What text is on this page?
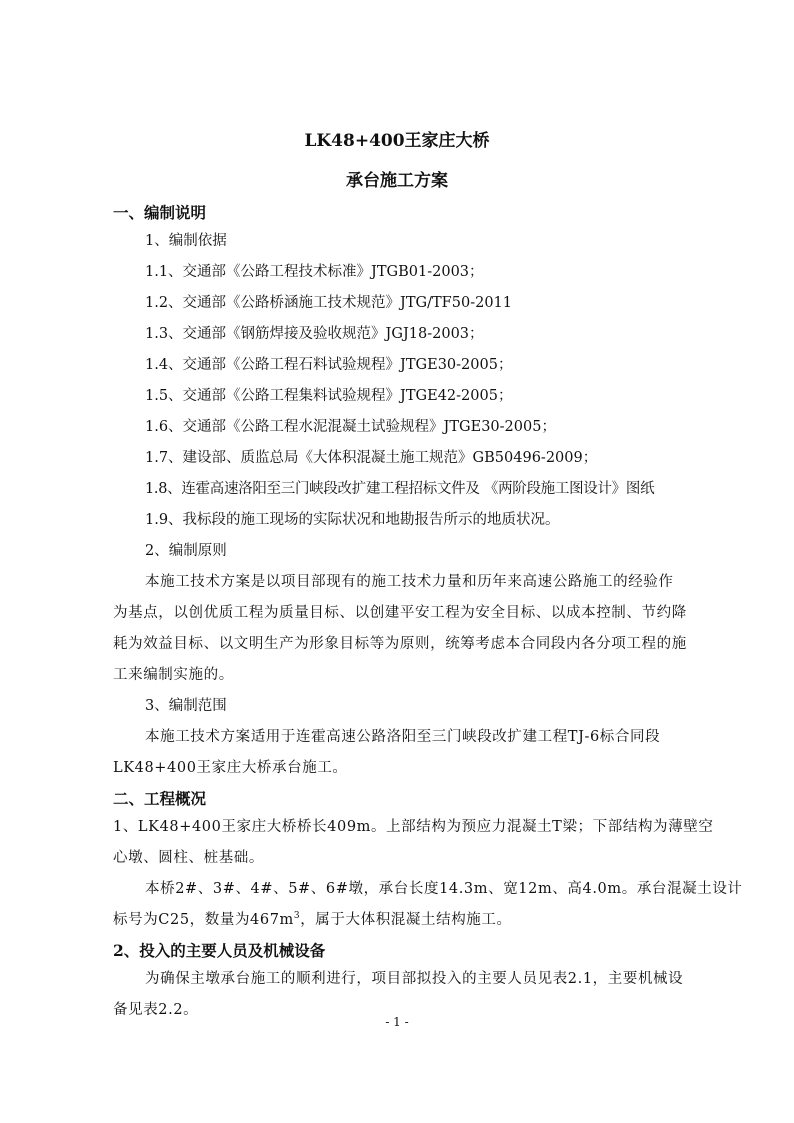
LK48+400王家庄大桥
承台施工方案
一、编制说明
1、编制依据
1.1、交通部《公路工程技术标准》JTGB01-2003；
1.2、交通部《公路桥涵施工技术规范》JTG/TF50-2011
1.3、交通部《钢筋焊接及验收规范》JGJ18-2003；
1.4、交通部《公路工程石料试验规程》JTGE30-2005；
1.5、交通部《公路工程集料试验规程》JTGE42-2005；
1.6、交通部《公路工程水泥混凝土试验规程》JTGE30-2005；
1.7、建设部、质监总局《大体积混凝土施工规范》GB50496-2009；
1.8、连霍高速洛阳至三门峡段改扩建工程招标文件及 《两阶段施工图设计》图纸
1.9、我标段的施工现场的实际状况和地勘报告所示的地质状况。
2、编制原则
本施工技术方案是以项目部现有的施工技术力量和历年来高速公路施工的经验作
为基点，以创优质工程为质量目标、以创建平安工程为安全目标、以成本控制、节约降
耗为效益目标、以文明生产为形象目标等为原则，统筹考虑本合同段内各分项工程的施
工来编制实施的。
3、编制范围
本施工技术方案适用于连霍高速公路洛阳至三门峡段改扩建工程TJ-6标合同段
LK48+400王家庄大桥承台施工。
二、工程概况
1、LK48+400王家庄大桥桥长409m。上部结构为预应力混凝土T梁；下部结构为薄壁空
心墩、圆柱、桩基础。
本桥2#、3#、4#、5#、6#墩，承台长度14.3m、宽12m、高4.0m。承台混凝土设计
标号为C25，数量为$467m^3$，属于大体积混凝土结构施工。
2、投入的主要人员及机械设备
为确保主墩承台施工的顺利进行，项目部拟投入的主要人员见表2.1，主要机械设
备见表2.2。
- 1 -
